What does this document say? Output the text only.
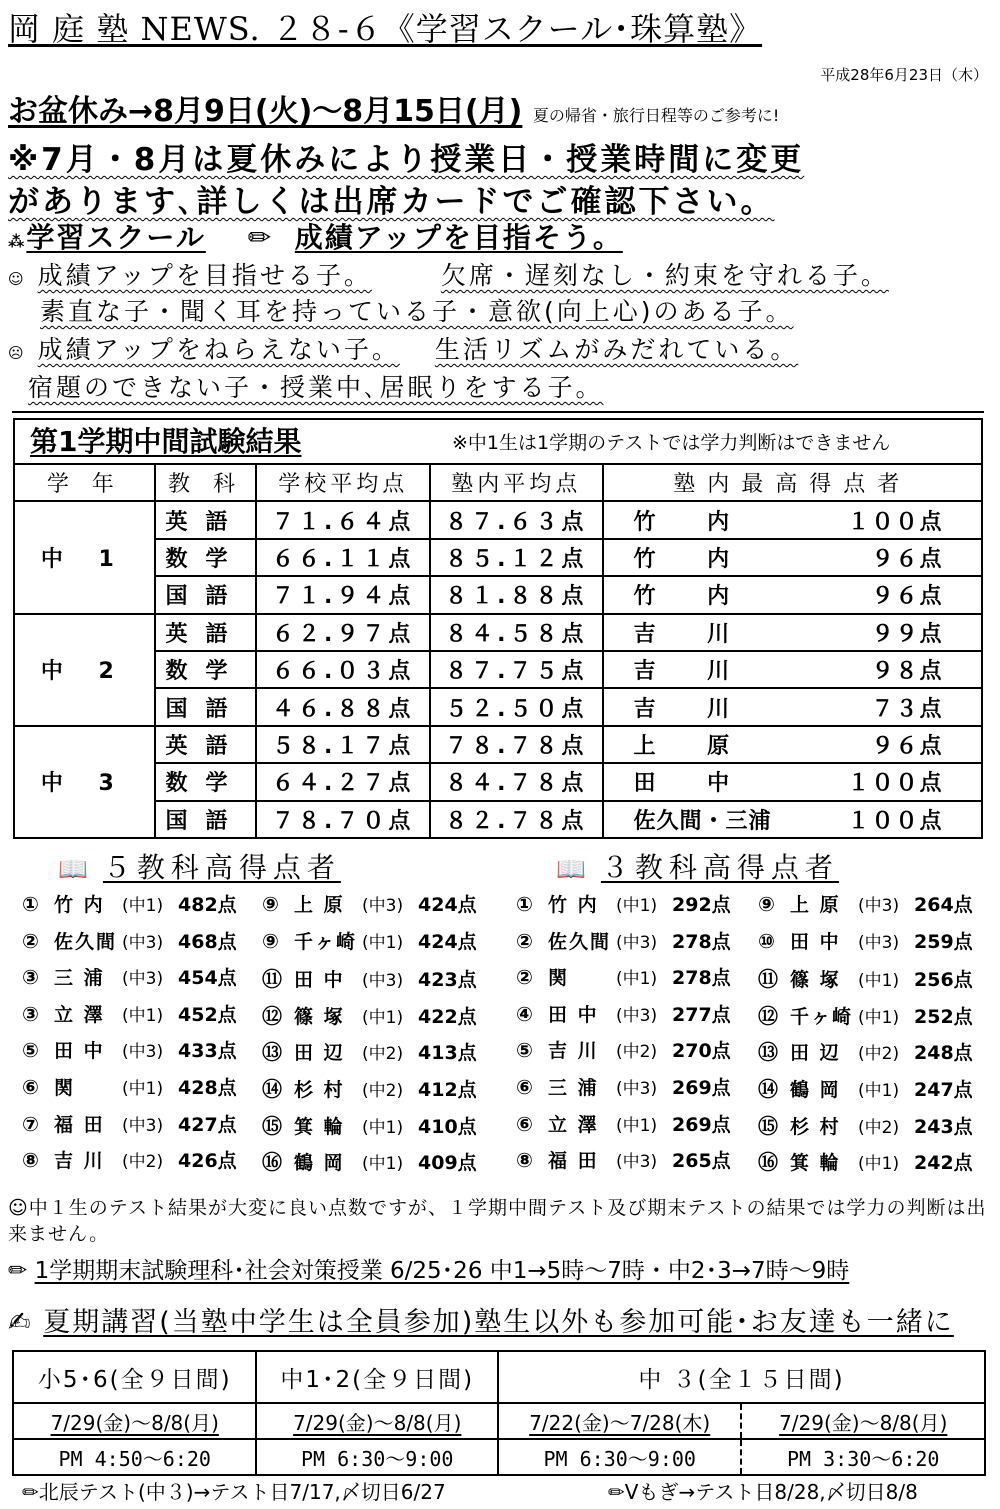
岡 庭 塾 NEWS. ２８-６《学習スクール･珠算塾》
平成28年6月23日（木）
お盆休み→8月9日(火)～8月15日(月) 夏の帰省・旅行日程等のご参考に!
※7月・8月は夏休みにより授業日・授業時間に変更
があります､詳しくは出席カードでご確認下さい。
⁂学習スクール ✏ 成績アップを目指そう。
☺ 成績アップを目指せる子。	欠席・遅刻なし・約束を守れる子。
素直な子・聞く耳を持っている子・意欲(向上心)のある子。
☹ 成績アップをねらえない子。 生活リズムがみだれている。
宿題のできない子・授業中､居眠りをする子。
第1学期中間試験結果	※中1生は1学期のテストでは学力判断はできません
学 年	教 科	学校平均点	塾内平均点	塾内最高得点者
中 1	英語	７１.６４点	８７.６３点	竹 内 １００点
	数学	６６.１１点	８５.１２点	竹 内 ９６点
	国語	７１.９４点	８１.８８点	竹 内 ９６点
中 2	英語	６２.９７点	８４.５８点	吉 川 ９９点
	数学	６６.０３点	８７.７５点	吉 川 ９８点
	国語	４６.８８点	５２.５０点	吉 川 ７３点
中 3	英語	５８.１７点	７８.７８点	上 原 ９６点
	数学	６４.２７点	８４.７８点	田 中 １００点
	国語	７８.７０点	８２.７８点	佐久間・三浦 １００点
📖 ５教科高得点者	📖 ３教科高得点者
① 竹 内 (中1) 482点
② 佐久間 (中3) 468点
③ 三 浦 (中3) 454点
③ 立 澤 (中1) 452点
⑤ 田 中 (中3) 433点
⑥ 関	(中1) 428点
⑦ 福 田 (中3) 427点
⑧ 吉 川 (中2) 426点
⑨ 上 原 (中3) 424点
⑨ 千ヶ崎 (中1) 424点
⑪ 田 中 (中3) 423点
⑫ 篠 塚 (中1) 422点
⑬ 田 辺 (中2) 413点
⑭ 杉 村 (中2) 412点
⑮ 箕 輪 (中1) 410点
⑯ 鶴 岡 (中1) 409点
① 竹 内 (中1) 292点
② 佐久間 (中3) 278点
② 関	(中1) 278点
④ 田 中 (中3) 277点
⑤ 吉 川 (中2) 270点
⑥ 三 浦 (中3) 269点
⑥ 立 澤 (中1) 269点
⑧ 福 田 (中3) 265点
⑨ 上 原 (中3) 264点
⑩ 田 中 (中3) 259点
⑪ 篠 塚 (中1) 256点
⑫ 千ヶ崎 (中1) 252点
⑬ 田 辺 (中2) 248点
⑭ 鶴 岡 (中1) 247点
⑮ 杉 村 (中2) 243点
⑯ 箕 輪 (中1) 242点
☺中１生のテスト結果が大変に良い点数ですが、１学期中間テスト及び期末テストの結果では学力の判断は出来ません。
✏ 1学期期末試験理科･社会対策授業 6/25･26 中1→5時～7時・中2･3→7時～9時
✍ 夏期講習(当塾中学生は全員参加)塾生以外も参加可能･お友達も一緒に
小5･6(全９日間)	中1･2(全９日間)	中 ３(全１５日間)	
7/29(金)～8/8(月)	7/29(金)～8/8(月)	7/22(金)～7/28(木)	7/29(金)～8/8(月)
PM 4:50～6:20	PM 6:30～9:00	PM 6:30～9:00	PM 3:30～6:20
✏北辰テスト(中３)→テスト日7/17,〆切日6/27	✏Vもぎ→テスト日8/28,〆切日8/8
